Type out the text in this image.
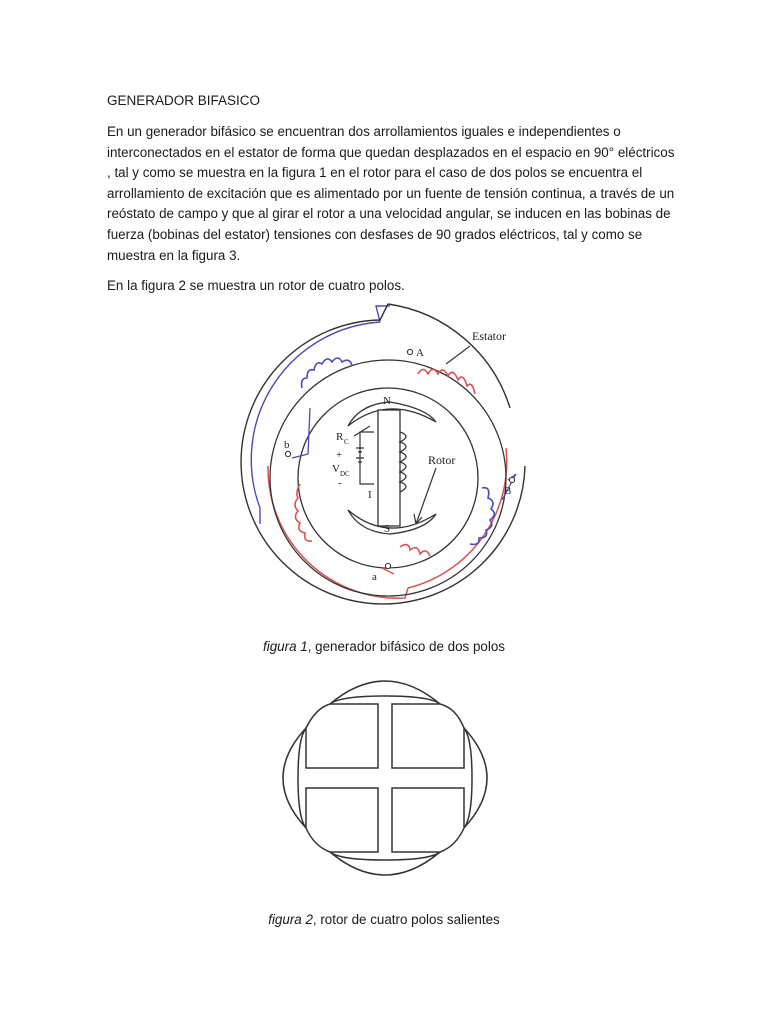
GENERADOR BIFASICO

En un generador bifásico se encuentran dos arrollamientos iguales e independientes o interconectados en el estator de forma que quedan desplazados en el espacio en 90° eléctricos , tal y como se muestra en la figura 1 en el rotor para el caso de dos polos se encuentra el arrollamiento de excitación que es alimentado por un fuente de tensión continua, a través de un reóstato de campo y que al girar el rotor a una velocidad angular, se inducen en las bobinas de fuerza (bobinas del estator) tensiones con desfases de 90 grados eléctricos, tal y como se muestra en la figura 3.

En la figura 2 se muestra un rotor de cuatro polos.

Estator
Rotor
A
B
a
b
N
S
+
-
I
R C
V DC

figura 1, generador bifásico de dos polos

figura 2, rotor de cuatro polos salientes
